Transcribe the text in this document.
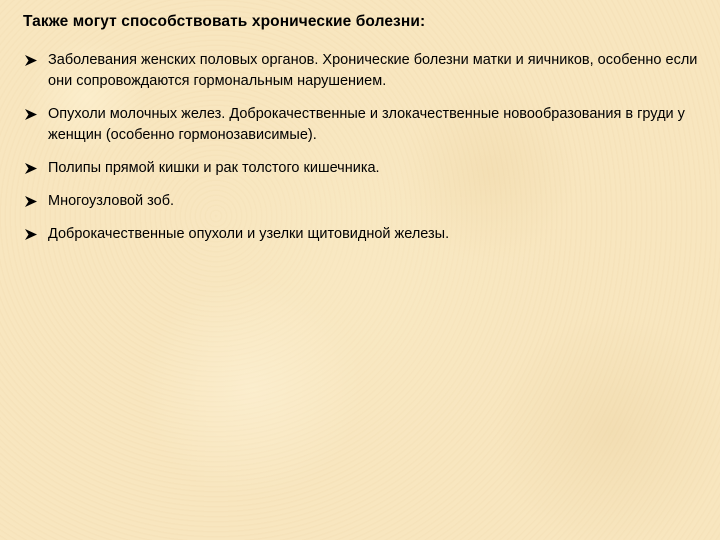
Также могут способствовать хронические болезни:
Заболевания женских половых органов. Хронические болезни матки и яичников, особенно если они сопровождаются гормональным нарушением.
Опухоли молочных желез. Доброкачественные и злокачественные новообразования в груди у женщин (особенно гормонозависимые).
Полипы прямой кишки и рак толстого кишечника.
Многоузловой зоб.
Доброкачественные опухоли и узелки щитовидной железы.
